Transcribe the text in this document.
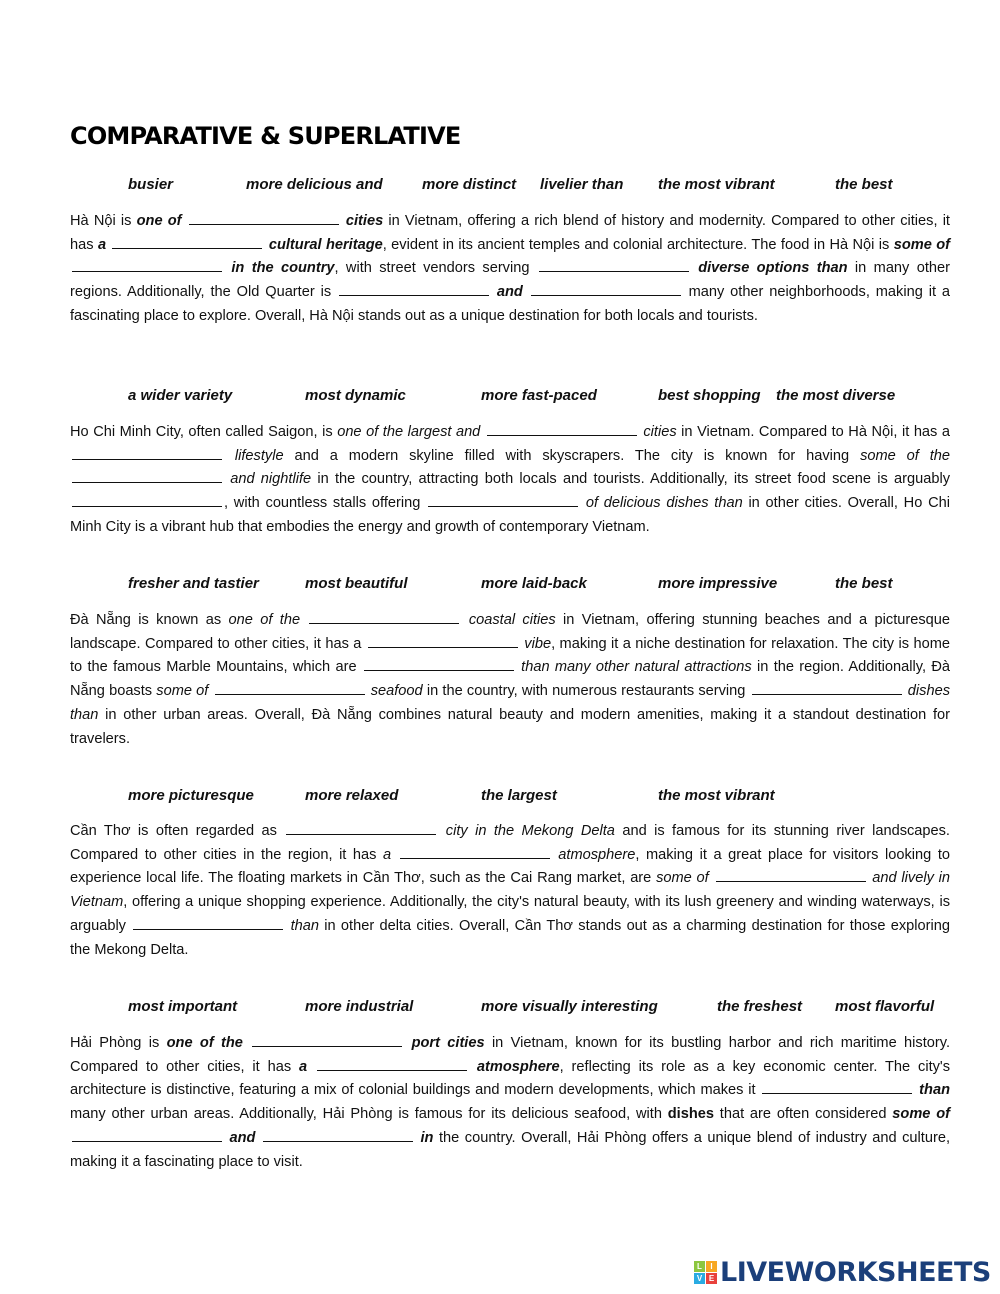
COMPARATIVE & SUPERLATIVE
busier	more delicious and	more distinct livelier than the most vibrant	the best
Hà Nội is one of	cities in Vietnam, offering a rich blend of history and modernity. Compared to other cities, it has a	cultural heritage, evident in its ancient temples and colonial architecture. The food in Hà Nội is some of  in the country, with street vendors serving	diverse options than in many other regions. Additionally, the Old Quarter is	and	many other neighborhoods, making it a fascinating place to explore. Overall, Hà Nội stands out as a unique destination for both locals and tourists.
a wider variety	most dynamic	more fast-paced	best shopping the most diverse
Ho Chi Minh City, often called Saigon, is one of the largest and	cities in Vietnam. Compared to Hà Nội, it has a  lifestyle and a modern skyline filled with skyscrapers. The city is known for having some of the  and nightlife in the country, attracting both locals and tourists. Additionally, its street food scene is arguably , with countless stalls offering	of delicious dishes than in other cities. Overall, Ho Chi Minh City is a vibrant hub that embodies the energy and growth of contemporary Vietnam.
fresher and tastier	most beautiful	more laid-back	more impressive	the best
Đà Nẵng is known as one of the	coastal cities in Vietnam, offering stunning beaches and a picturesque landscape. Compared to other cities, it has a	vibe, making it a niche destination for relaxation. The city is home to the famous Marble Mountains, which are	than many other natural attractions in the region. Additionally, Đà Nẵng boasts some of	seafood in the country, with numerous restaurants serving	dishes than in other urban areas. Overall, Đà Nẵng combines natural beauty and modern amenities, making it a standout destination for travelers.
more picturesque	more relaxed	the largest	the most vibrant
Cần Thơ is often regarded as	city in the Mekong Delta and is famous for its stunning river landscapes. Compared to other cities in the region, it has a	atmosphere, making it a great place for visitors looking to experience local life. The floating markets in Cần Thơ, such as the Cai Rang market, are some of	and lively in Vietnam, offering a unique shopping experience. Additionally, the city's natural beauty, with its lush greenery and winding waterways, is arguably	than in other delta cities. Overall, Cần Thơ stands out as a charming destination for those exploring the Mekong Delta.
most important	more industrial	more visually interesting	the freshest most flavorful
Hải Phòng is one of the	port cities in Vietnam, known for its bustling harbor and rich maritime history. Compared to other cities, it has a	atmosphere, reflecting its role as a key economic center. The city's architecture is distinctive, featuring a mix of colonial buildings and modern developments, which makes it	than many other urban areas. Additionally, Hải Phòng is famous for its delicious seafood, with dishes that are often considered some of  and	in the country. Overall, Hải Phòng offers a unique blend of industry and culture, making it a fascinating place to visit.
L	I
V E LIVEWORKSHEETS
